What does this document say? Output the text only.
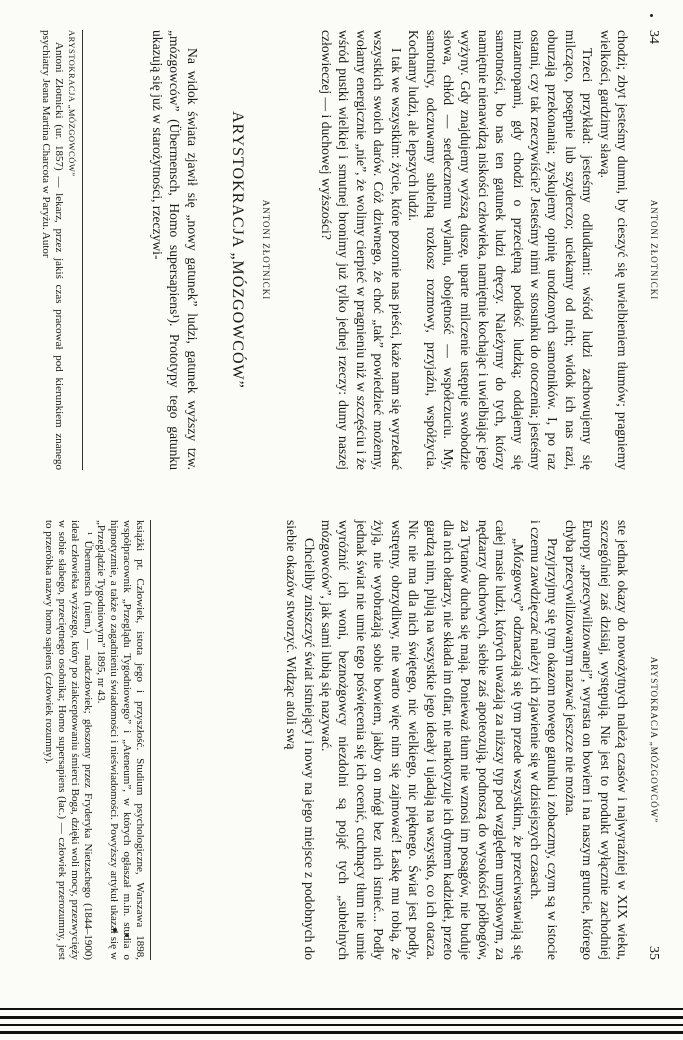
34
ANTONI ZŁOTNICKI

chodzi; zbyt jesteśmy dumni, by cieszyć się uwielbieniem tłumów; pragniemy wielkości, gardzimy sławą.

Trzeci przykład: jesteśmy odludkami: wśród ludzi zachowujemy się milcząco, posępnie lub szyderczo; uciekamy od nich; widok ich nas razi, oburzają przekonania; zyskujemy opinię urodzonych samotników. I, po raz ostatni, czy tak rzeczywiście? Jesteśmy nimi w stosunku do otoczenia; jesteśmy mizantropami, gdy chodzi o przeciętną podłość ludzką; oddajemy się samotności, bo nas ten gatunek ludzi dręczy. Należymy do tych, którzy namiętnie nienawidzą niskości człowieka, namiętnie kochając i uwielbiając jego wyżyny. Gdy znajdujemy wyższą duszę, uparte milczenie ustępuje swobodzie słowa, chłód — serdecznemu wylaniu, obojętność — współczuciu. My, samotnicy, odczuwamy subtelną rozkosz rozmowy, przyjaźni, współżycia. Kochamy ludzi, ale lepszych ludzi.

I tak we wszystkim: życie, które pozornie nas pieści, każe nam się wyrzekać wszystkich swoich darów. Cóż dziwnego, że choć „tak” powiedzieć możemy, wołamy energicznie „nie”, że wolimy cierpieć w pragnieniu niż w szczęściu i że wśród pustki wielkiej i smutnej bronimy już tylko jednej rzeczy: dumy naszej człowieczej — i duchowej wyższości?

ANTONI ZŁOTNICKI
ARYSTOKRACJA „MÓZGOWCÓW”

Na widok świata zjawił się „nowy gatunek” ludzi, gatunek wyższy tzw. „mózgowców” (Übermensch, Homo supersapiens¹). Prototypy tego gatunku ukazują się już w starożytności, rzeczywi-

ARYSTOKRACJA „MÓZGOWCÓW”

Antoni Złotnicki (ur. 1857) — lekarz, przez jakiś czas pracował pod kierunkiem znanego psychiatry Jeana Martina Charcota w Paryżu. Autor

ARYSTOKRACJA „MÓZGOWCÓW”
35

ste jednak okazy do nowożytnych należą czasów i najwyraźniej w XIX wieku, szczególniej zaś dzisiaj, występują. Nie jest to produkt wyłącznie zachodniej Europy „przecywilizowanej”, wyrasta on bowiem i na naszym gruncie, którego chyba przecywilizowanym nazwać jeszcze nie można.

Przyjrzyjmy się tym okazom nowego gatunku i zobaczmy, czym są w istocie i czemu zawdzięczać należy ich zjawienie się w dzisiejszych czasach.

„Mózgowcy” odznaczają się tym przede wszystkim, że przeciwstawiają się całej masie ludzi, których uważają za niższy typ pod względem umysłowym, za nędzarzy duchowych, siebie zaś apoteozują, podnoszą do wysokości półbogów, za Tytanów ducha się mają. Ponieważ tłum nie wznosi im posągów, nie buduje dla nich ołtarzy, nie składa im ofiar, nie narkotyzuje ich dymem kadzideł, przeto gardzą nim, plują na wszystkie jego ideały i ujadają na wszystko, co ich otacza. Nic nie ma dla nich świętego, nic wielkiego, nic pięknego. Świat jest podły, wstrętny, obrzydliwy, nie warto więc nim się zajmować! Łaskę mu robią, że żyją, nie wyobrażają sobie bowiem, jakby on mógł bez nich istnieć... Podły jednak świat nie umie tego poświęcenia się ich ocenić, cuchnący tłum nie umie wyróżnić ich woni, beznożgowcy niezdolni są pojąć tych „subtelnych mózgowców”, jak sami lubią się nazywać.

Chcieliby zniszczyć świat istniejący i nowy na jego miejsce z podobnych do siebie okazów stworzyć. Widząc atoli swą

książki pt. Człowiek, istota jego i przyszłość. Studium psychologiczne, Warszawa 1898, współpracownik „Przeglądu Tygodniowego” i „Ateneum”, w których ogłaszał m.in. studia o hipnotyzmie, a także o zagadnieniu świadomości i nieświadomości. Powyższy artykuł ukazał się w „Przeglądzie Tygodniowym” 1895, nr 43.

¹ Übermensch (niem.) — nadczłowiek; głoszony przez Fryderyka Nietzschego (1844–1900) ideał człowieka wyższego, który po ziakceptowaniu śmierci Boga, dzięki woli mocy, przezwycięży w sobie słabego, przeciętnego osobnika; Homo supersapiens (łac.) — człowiek przerozumny, jest to przeróbka nazwy homo sapiens (człowiek rozumny).
